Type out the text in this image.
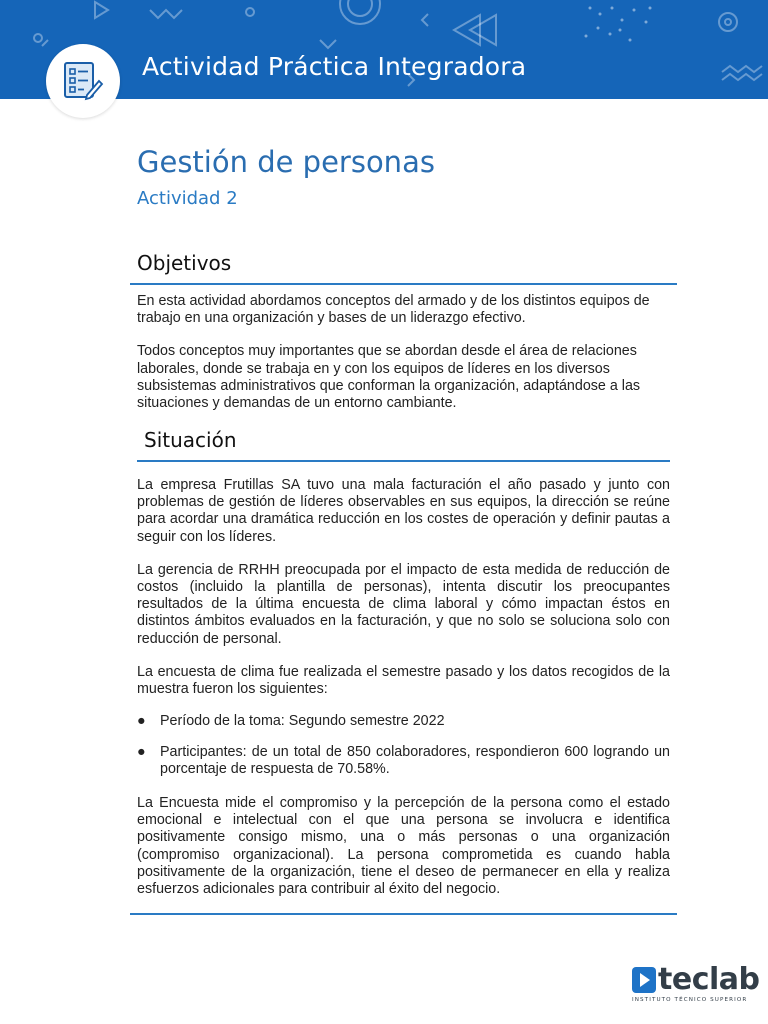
Actividad Práctica Integradora
Gestión de personas
Actividad 2
Objetivos

En esta actividad abordamos conceptos del armado y de los distintos equipos de trabajo en una organización y bases de un liderazgo efectivo.

Todos conceptos muy importantes que se abordan desde el área de relaciones laborales, donde se trabaja en y con los equipos de líderes en los diversos subsistemas administrativos que conforman la organización, adaptándose a las situaciones y demandas de un entorno cambiante.

Situación

La empresa Frutillas SA tuvo una mala facturación el año pasado y junto con problemas de gestión de líderes observables en sus equipos, la dirección se reúne para acordar una dramática reducción en los costes de operación y definir pautas a seguir con los líderes.

La gerencia de RRHH preocupada por el impacto de esta medida de reducción de costos (incluido la plantilla de personas), intenta discutir los preocupantes resultados de la última encuesta de clima laboral y cómo impactan éstos en distintos ámbitos evaluados en la facturación, y que no solo se soluciona solo con reducción de personal.

La encuesta de clima fue realizada el semestre pasado y los datos recogidos de la muestra fueron los siguientes:

● Período de la toma: Segundo semestre 2022
● Participantes: de un total de 850 colaboradores, respondieron 600 logrando un porcentaje de respuesta de 70.58%.

La Encuesta mide el compromiso y la percepción de la persona como el estado emocional e intelectual con el que una persona se involucra e identifica positivamente consigo mismo, una o más personas o una organización (compromiso organizacional). La persona comprometida es cuando habla positivamente de la organización, tiene el deseo de permanecer en ella y realiza esfuerzos adicionales para contribuir al éxito del negocio.

teclab
INSTITUTO TÉCNICO SUPERIOR
